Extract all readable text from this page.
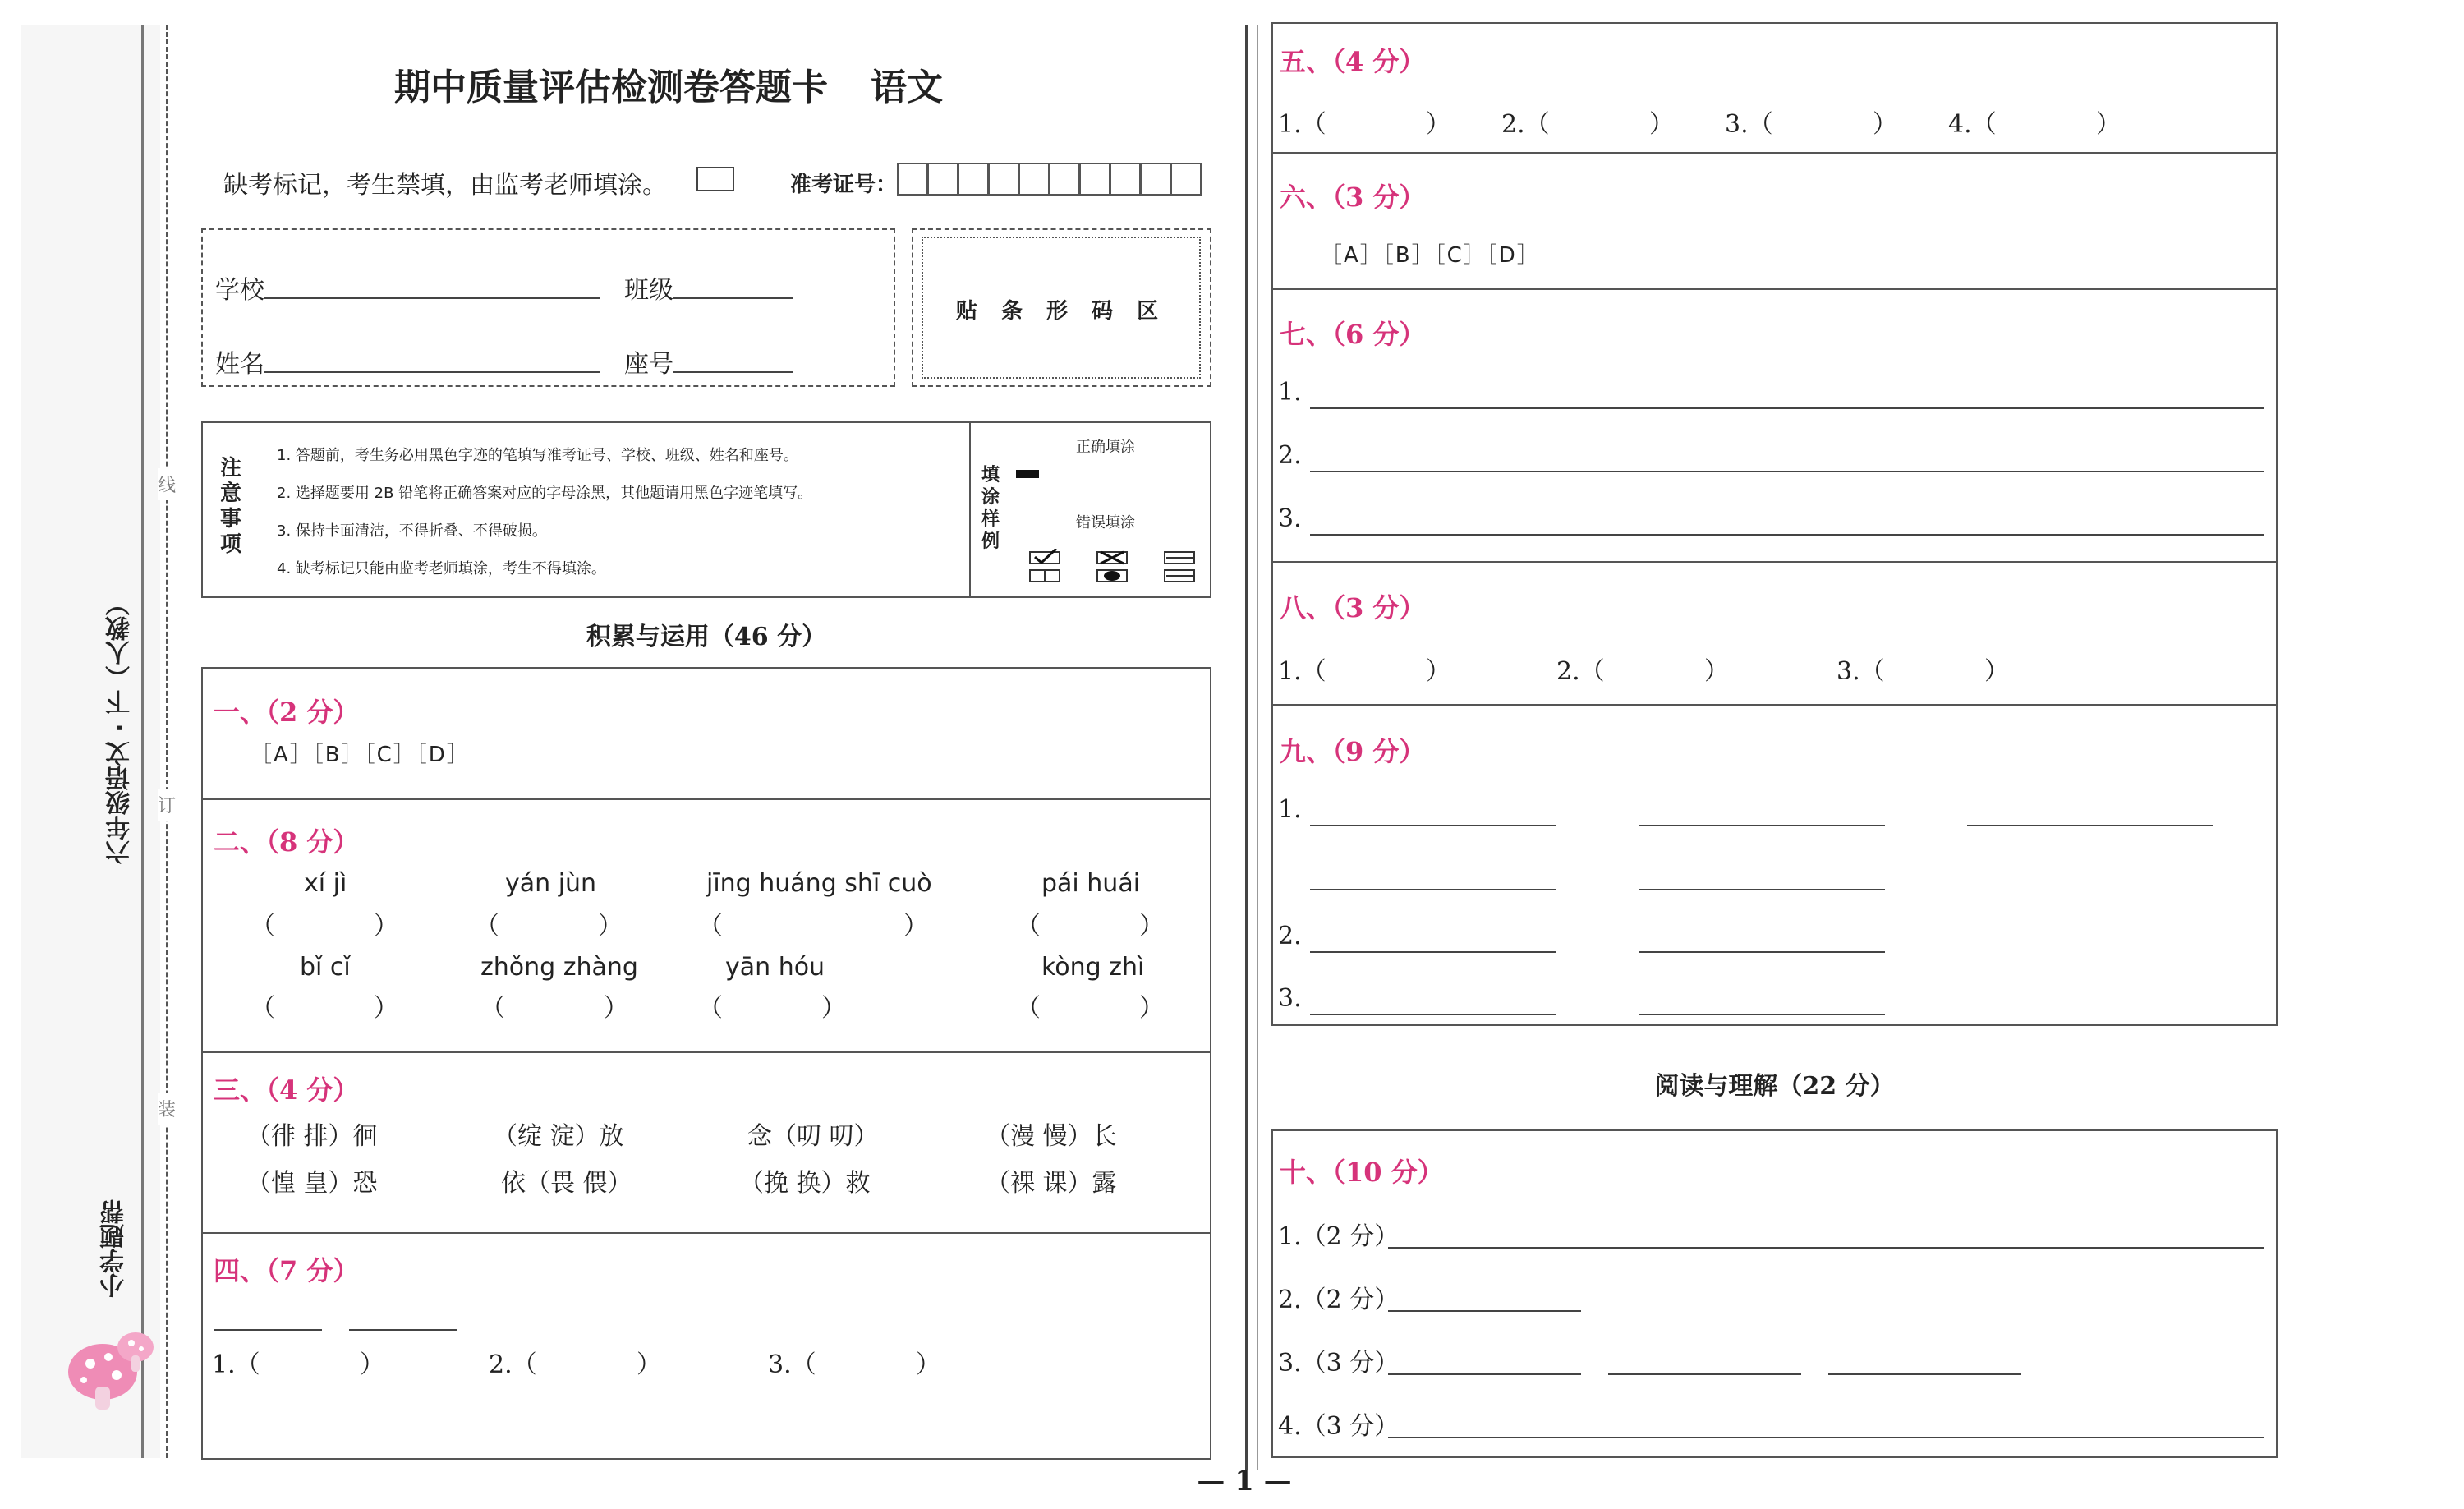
线
订
装
六年级语文 · 下（人教）
小学题帮
期中质量评估检测卷答题卡 语文
缺考标记，考生禁填，由监考老师填涂。	准考证号：
学校	班级
姓名	座号
贴 条 形 码 区
注意事项
1. 答题前，考生务必用黑色字迹的笔填写准考证号、学校、班级、姓名和座号。
2. 选择题要用 2B 铅笔将正确答案对应的字母涂黑，其他题请用黑色字迹笔填写。
3. 保持卡面清洁，不得折叠、不得破损。
4. 缺考标记只能由监考老师填涂，考生不得填涂。
填涂样例
正确填涂
错误填涂
积累与运用（46 分）
一、（2 分）
［A］［B］［C］［D］
二、（8 分）
xí jì	yán jùn	jīng huáng shī cuò	pái huái
（	）	（	）	（	）	（	）
bǐ cǐ	zhǒng zhàng	yān hóu	kòng zhì
（	）	（	）	（	）	（	）
三、（4 分）
（徘 排）徊	（绽 淀）放	念（叨 叨）	（漫 慢）长
（惶 皇）恐	依（畏 偎）	（挽 换）救	（裸 课）露
四、（7 分）
1.（	）	2.（	）	3.（	）
五、（4 分）
1.（	） 2.（	） 3.（	） 4.（	）
六、（3 分）
［A］［B］［C］［D］
七、（6 分）
1.
2.
3.
八、（3 分）
1.（	）	2.（	）	3.（	）
九、（9 分）
1.
2.
3.
阅读与理解（22 分）
十、（10 分）
1.（2 分）
2.（2 分）
3.（3 分）
4.（3 分）
— 1 —
